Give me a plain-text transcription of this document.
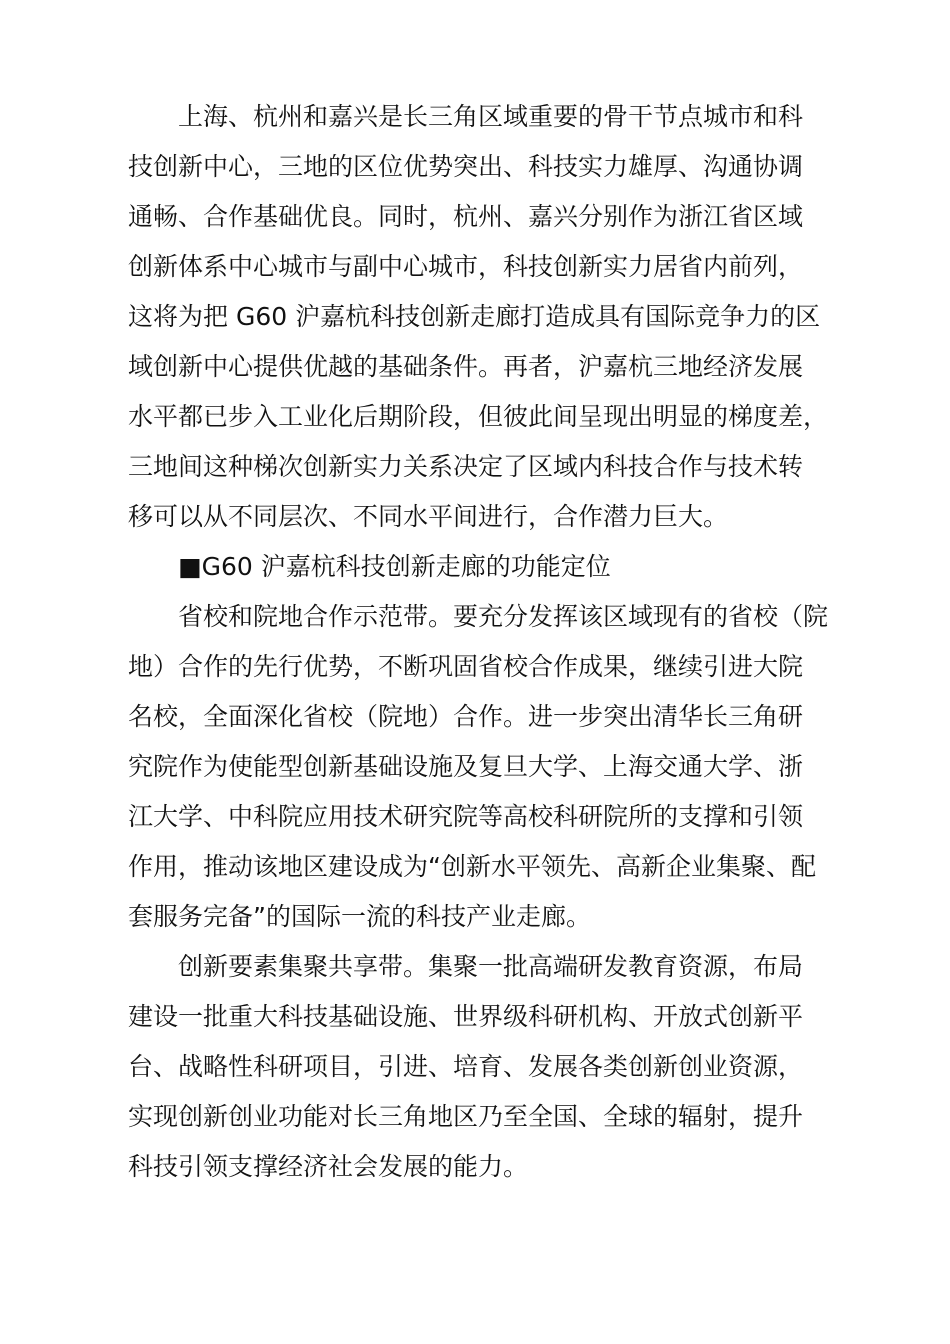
上海、杭州和嘉兴是长三角区域重要的骨干节点城市和科
技创新中心，三地的区位优势突出、科技实力雄厚、沟通协调
通畅、合作基础优良。同时，杭州、嘉兴分别作为浙江省区域
创新体系中心城市与副中心城市，科技创新实力居省内前列，
这将为把 G60 沪嘉杭科技创新走廊打造成具有国际竞争力的区
域创新中心提供优越的基础条件。再者，沪嘉杭三地经济发展
水平都已步入工业化后期阶段，但彼此间呈现出明显的梯度差，
三地间这种梯次创新实力关系决定了区域内科技合作与技术转
移可以从不同层次、不同水平间进行，合作潜力巨大。
■G60 沪嘉杭科技创新走廊的功能定位
省校和院地合作示范带。要充分发挥该区域现有的省校（院
地）合作的先行优势，不断巩固省校合作成果，继续引进大院
名校，全面深化省校（院地）合作。进一步突出清华长三角研
究院作为使能型创新基础设施及复旦大学、上海交通大学、浙
江大学、中科院应用技术研究院等高校科研院所的支撑和引领
作用，推动该地区建设成为“创新水平领先、高新企业集聚、配
套服务完备”的国际一流的科技产业走廊。
创新要素集聚共享带。集聚一批高端研发教育资源，布局
建设一批重大科技基础设施、世界级科研机构、开放式创新平
台、战略性科研项目，引进、培育、发展各类创新创业资源，
实现创新创业功能对长三角地区乃至全国、全球的辐射，提升
科技引领支撑经济社会发展的能力。
